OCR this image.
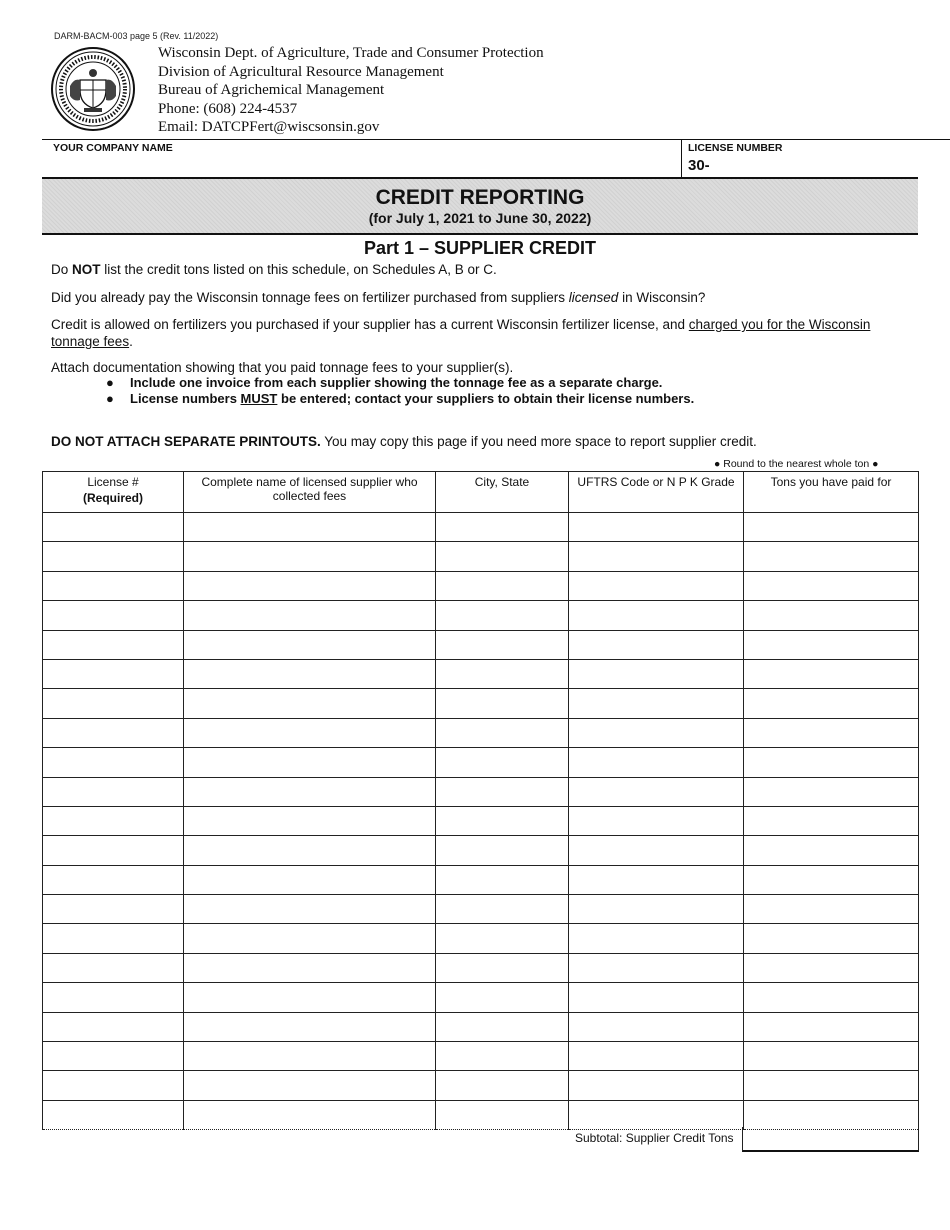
DARM-BACM-003 page 5 (Rev. 11/2022)
Wisconsin Dept. of Agriculture, Trade and Consumer Protection
Division of Agricultural Resource Management
Bureau of Agrichemical Management
Phone: (608) 224-4537
Email: DATCPFert@wiscsonsin.gov
YOUR COMPANY NAME	LICENSE NUMBER
30-
CREDIT REPORTING
(for July 1, 2021 to June 30, 2022)
Part 1 – SUPPLIER CREDIT
Do NOT list the credit tons listed on this schedule, on Schedules A, B or C.
Did you already pay the Wisconsin tonnage fees on fertilizer purchased from suppliers licensed in Wisconsin?
Credit is allowed on fertilizers you purchased if your supplier has a current Wisconsin fertilizer license, and charged you for the Wisconsin tonnage fees.
Attach documentation showing that you paid tonnage fees to your supplier(s).
● Include one invoice from each supplier showing the tonnage fee as a separate charge.
● License numbers MUST be entered; contact your suppliers to obtain their license numbers.
DO NOT ATTACH SEPARATE PRINTOUTS. You may copy this page if you need more space to report supplier credit.
● Round to the nearest whole ton ●
License #
(Required)	Complete name of licensed supplier who collected fees	City, State	UFTRS Code or N P K Grade	Tons you have paid for

Subtotal: Supplier Credit Tons
